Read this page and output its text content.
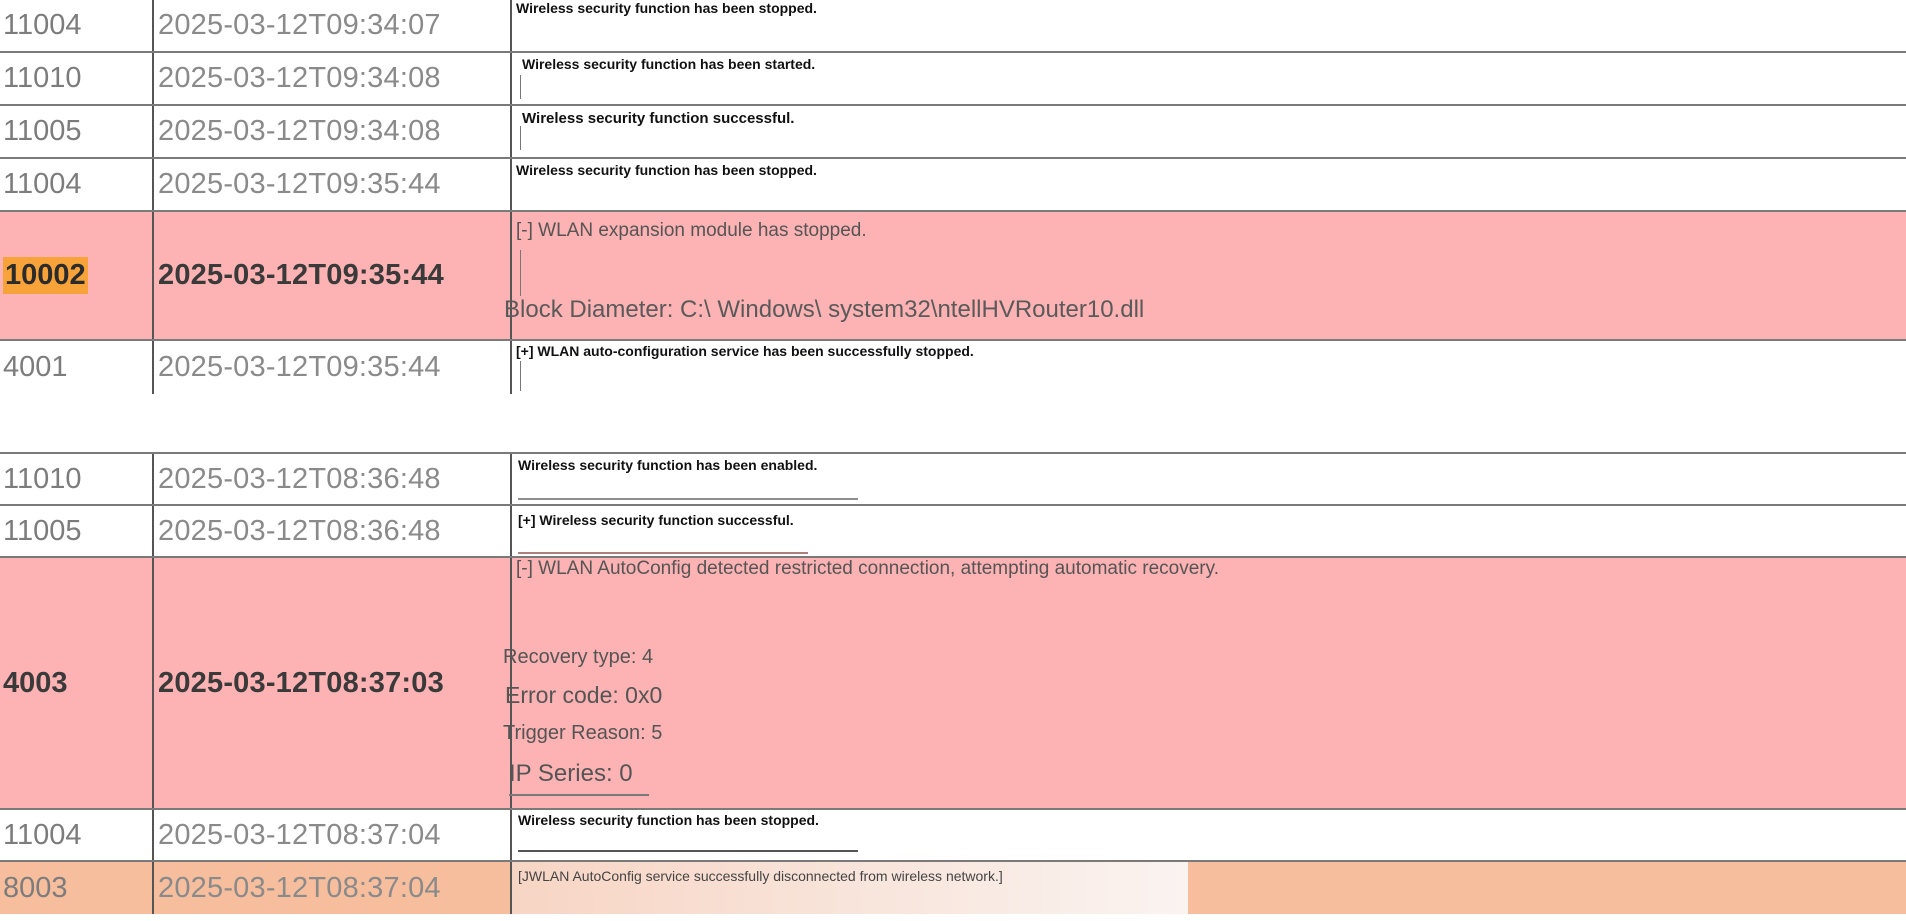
11004	2025-03-12T09:34:07
Wireless security function has been stopped.
11010	2025-03-12T09:34:08	Wireless security function has been started.
11005	2025-03-12T09:34:08	Wireless security function successful.
11004	2025-03-12T09:35:44	Wireless security function has been stopped.
10002 2025-03-12T09:35:44
[-] WLAN expansion module has stopped.
Block Diameter: C:\ Windows\ system32\ntellHVRouter10.dll
4001	2025-03-12T09:35:44	[+] WLAN auto-configuration service has been successfully stopped.
11010	2025-03-12T08:36:48	Wireless security function has been enabled.
11005	2025-03-12T08:36:48	[+] Wireless security function successful.
4003	2025-03-12T08:37:03
[-] WLAN AutoConfig detected restricted connection, attempting automatic recovery.
Recovery type: 4
Error code: 0x0
Trigger Reason: 5
IP Series: 0
11004	2025-03-12T08:37:04	Wireless security function has been stopped.
8003	2025-03-12T08:37:04	[JWLAN AutoConfig service successfully disconnected from wireless network.]
